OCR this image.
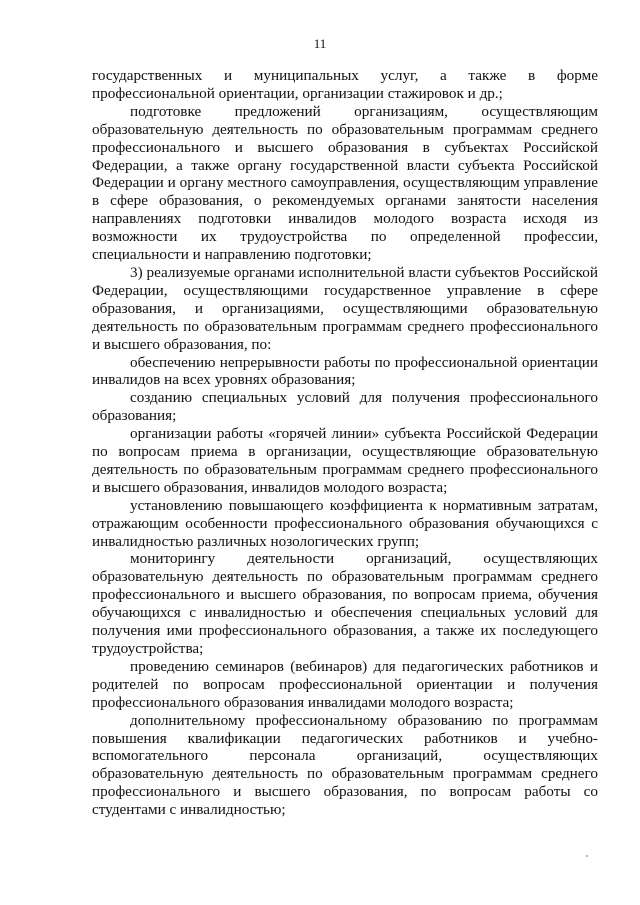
11

государственных и муниципальных услуг, а также в форме профессиональной ориентации, организации стажировок и др.;

подготовке предложений организациям, осуществляющим образовательную деятельность по образовательным программам среднего профессионального и высшего образования в субъектах Российской Федерации, а также органу государственной власти субъекта Российской Федерации и органу местного самоуправления, осуществляющим управление в сфере образования, о рекомендуемых органами занятости населения направлениях подготовки инвалидов молодого возраста исходя из возможности их трудоустройства по определенной профессии, специальности и направлению подготовки;

3) реализуемые органами исполнительной власти субъектов Российской Федерации, осуществляющими государственное управление в сфере образования, и организациями, осуществляющими образовательную деятельность по образовательным программам среднего профессионального и высшего образования, по:

обеспечению непрерывности работы по профессиональной ориентации инвалидов на всех уровнях образования;

созданию специальных условий для получения профессионального образования;

организации работы «горячей линии» субъекта Российской Федерации по вопросам приема в организации, осуществляющие образовательную деятельность по образовательным программам среднего профессионального и высшего образования, инвалидов молодого возраста;

установлению повышающего коэффициента к нормативным затратам, отражающим особенности профессионального образования обучающихся с инвалидностью различных нозологических групп;

мониторингу деятельности организаций, осуществляющих образовательную деятельность по образовательным программам среднего профессионального и высшего образования, по вопросам приема, обучения обучающихся с инвалидностью и обеспечения специальных условий для получения ими профессионального образования, а также их последующего трудоустройства;

проведению семинаров (вебинаров) для педагогических работников и родителей по вопросам профессиональной ориентации и получения профессионального образования инвалидами молодого возраста;

дополнительному профессиональному образованию по программам повышения квалификации педагогических работников и учебно-вспомогательного персонала организаций, осуществляющих образовательную деятельность по образовательным программам среднего профессионального и высшего образования, по вопросам работы со студентами с инвалидностью;
